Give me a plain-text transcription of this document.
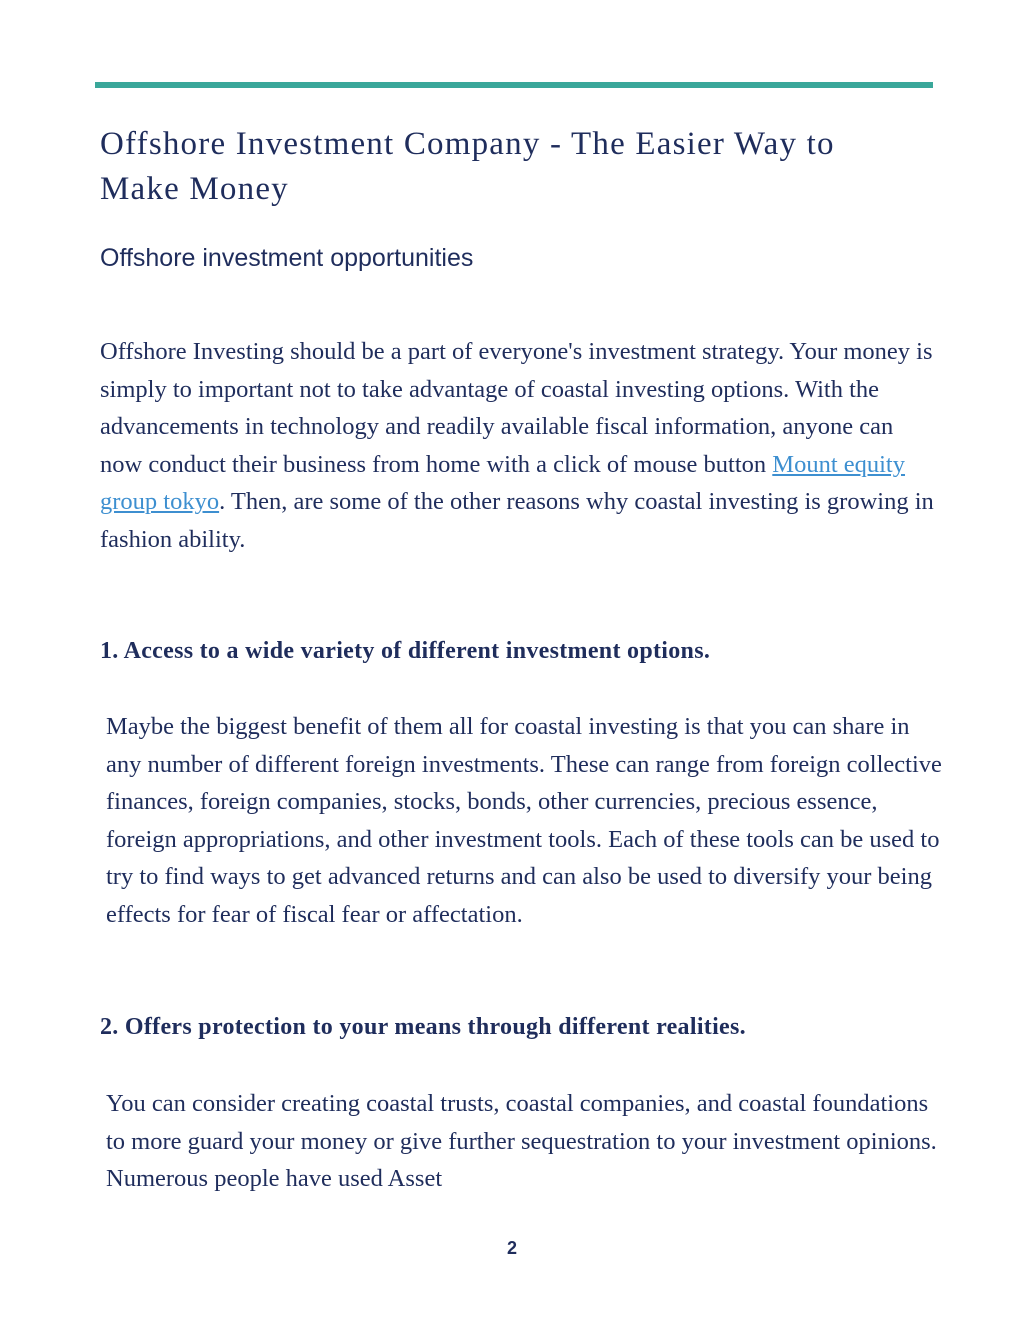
Offshore Investment Company - The Easier Way to
Make Money
Offshore investment opportunities

Offshore Investing should be a part of everyone's investment strategy. Your money is simply to important not to take advantage of coastal investing options. With the advancements in technology and readily available fiscal information, anyone can now conduct their business from home with a click of mouse button Mount equity group tokyo. Then, are some of the other reasons why coastal investing is growing in fashion ability.

1. Access to a wide variety of different investment options.

Maybe the biggest benefit of them all for coastal investing is that you can share in any number of different foreign investments. These can range from foreign collective finances, foreign companies, stocks, bonds, other currencies, precious essence, foreign appropriations, and other investment tools. Each of these tools can be used to try to find ways to get advanced returns and can also be used to diversify your being effects for fear of fiscal fear or affectation.

2. Offers protection to your means through different realities.

You can consider creating coastal trusts, coastal companies, and coastal foundations to more guard your money or give further sequestration to your investment opinions. Numerous people have used Asset

2
